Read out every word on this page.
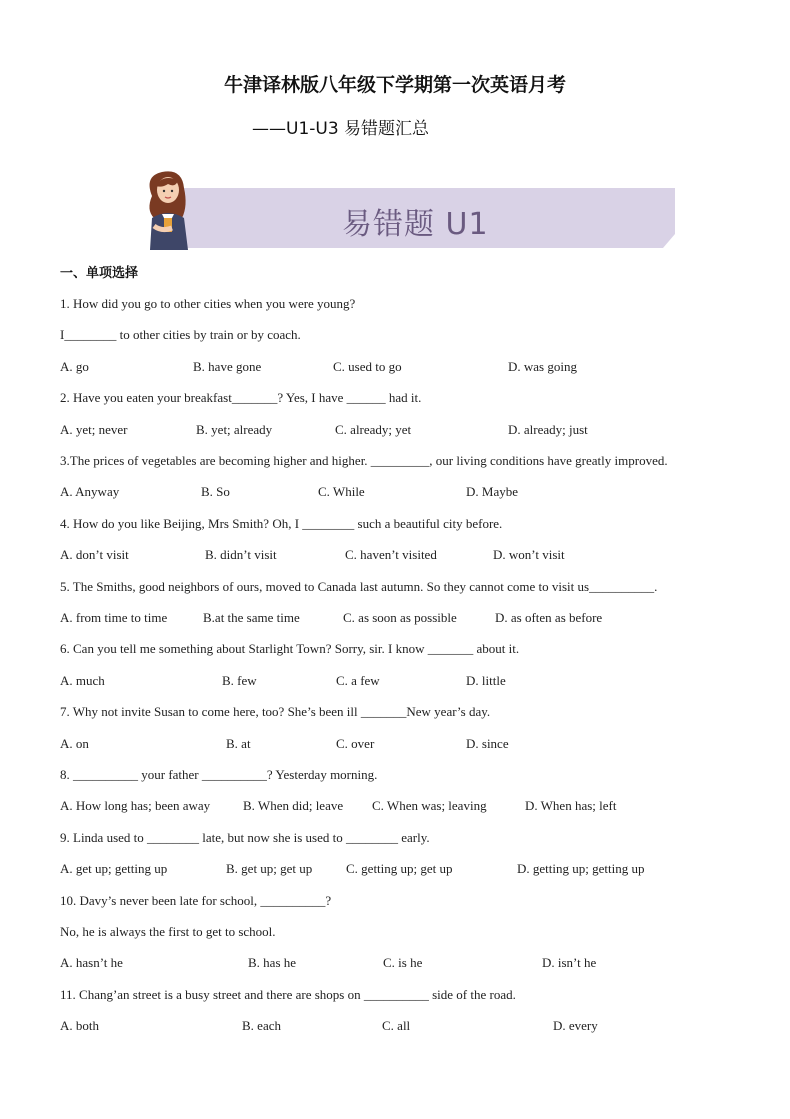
牛津译林版八年级下学期第一次英语月考
——U1-U3 易错题汇总
易错题 U1
一、单项选择
1. How did you go to other cities when you were young?
I________ to other cities by train or by coach.
A. go	B. have gone	C. used to go	D. was going
2. Have you eaten your breakfast_______? Yes, I have ______ had it.
A. yet; never	B. yet; already	C. already; yet	D. already; just
3.The prices of vegetables are becoming higher and higher. _________, our living conditions have greatly improved.
A. Anyway	B. So	C. While	D. Maybe
4. How do you like Beijing, Mrs Smith? Oh, I ________ such a beautiful city before.
A. don’t visit	B. didn’t visit	C. haven’t visited	D. won’t visit
5. The Smiths, good neighbors of ours, moved to Canada last autumn. So they cannot come to visit us__________.
A. from time to time	B.at the same time	C. as soon as possible	D. as often as before
6. Can you tell me something about Starlight Town? Sorry, sir. I know _______ about it.
A. much	B. few	C. a few	D. little
7. Why not invite Susan to come here, too? She’s been ill _______New year’s day.
A. on	B. at	C. over	D. since
8. __________ your father __________? Yesterday morning.
A. How long has; been away	B. When did; leave C. When was; leaving	D. When has; left
9. Linda used to ________ late, but now she is used to ________ early.
A. get up; getting up	B. get up; get up	C. getting up; get up	D. getting up; getting up
10. Davy’s never been late for school, __________?
No, he is always the first to get to school.
A. hasn’t he	B. has he	C. is he	D. isn’t he
11. Chang’an street is a busy street and there are shops on __________ side of the road.
A. both	B. each	C. all	D. every
